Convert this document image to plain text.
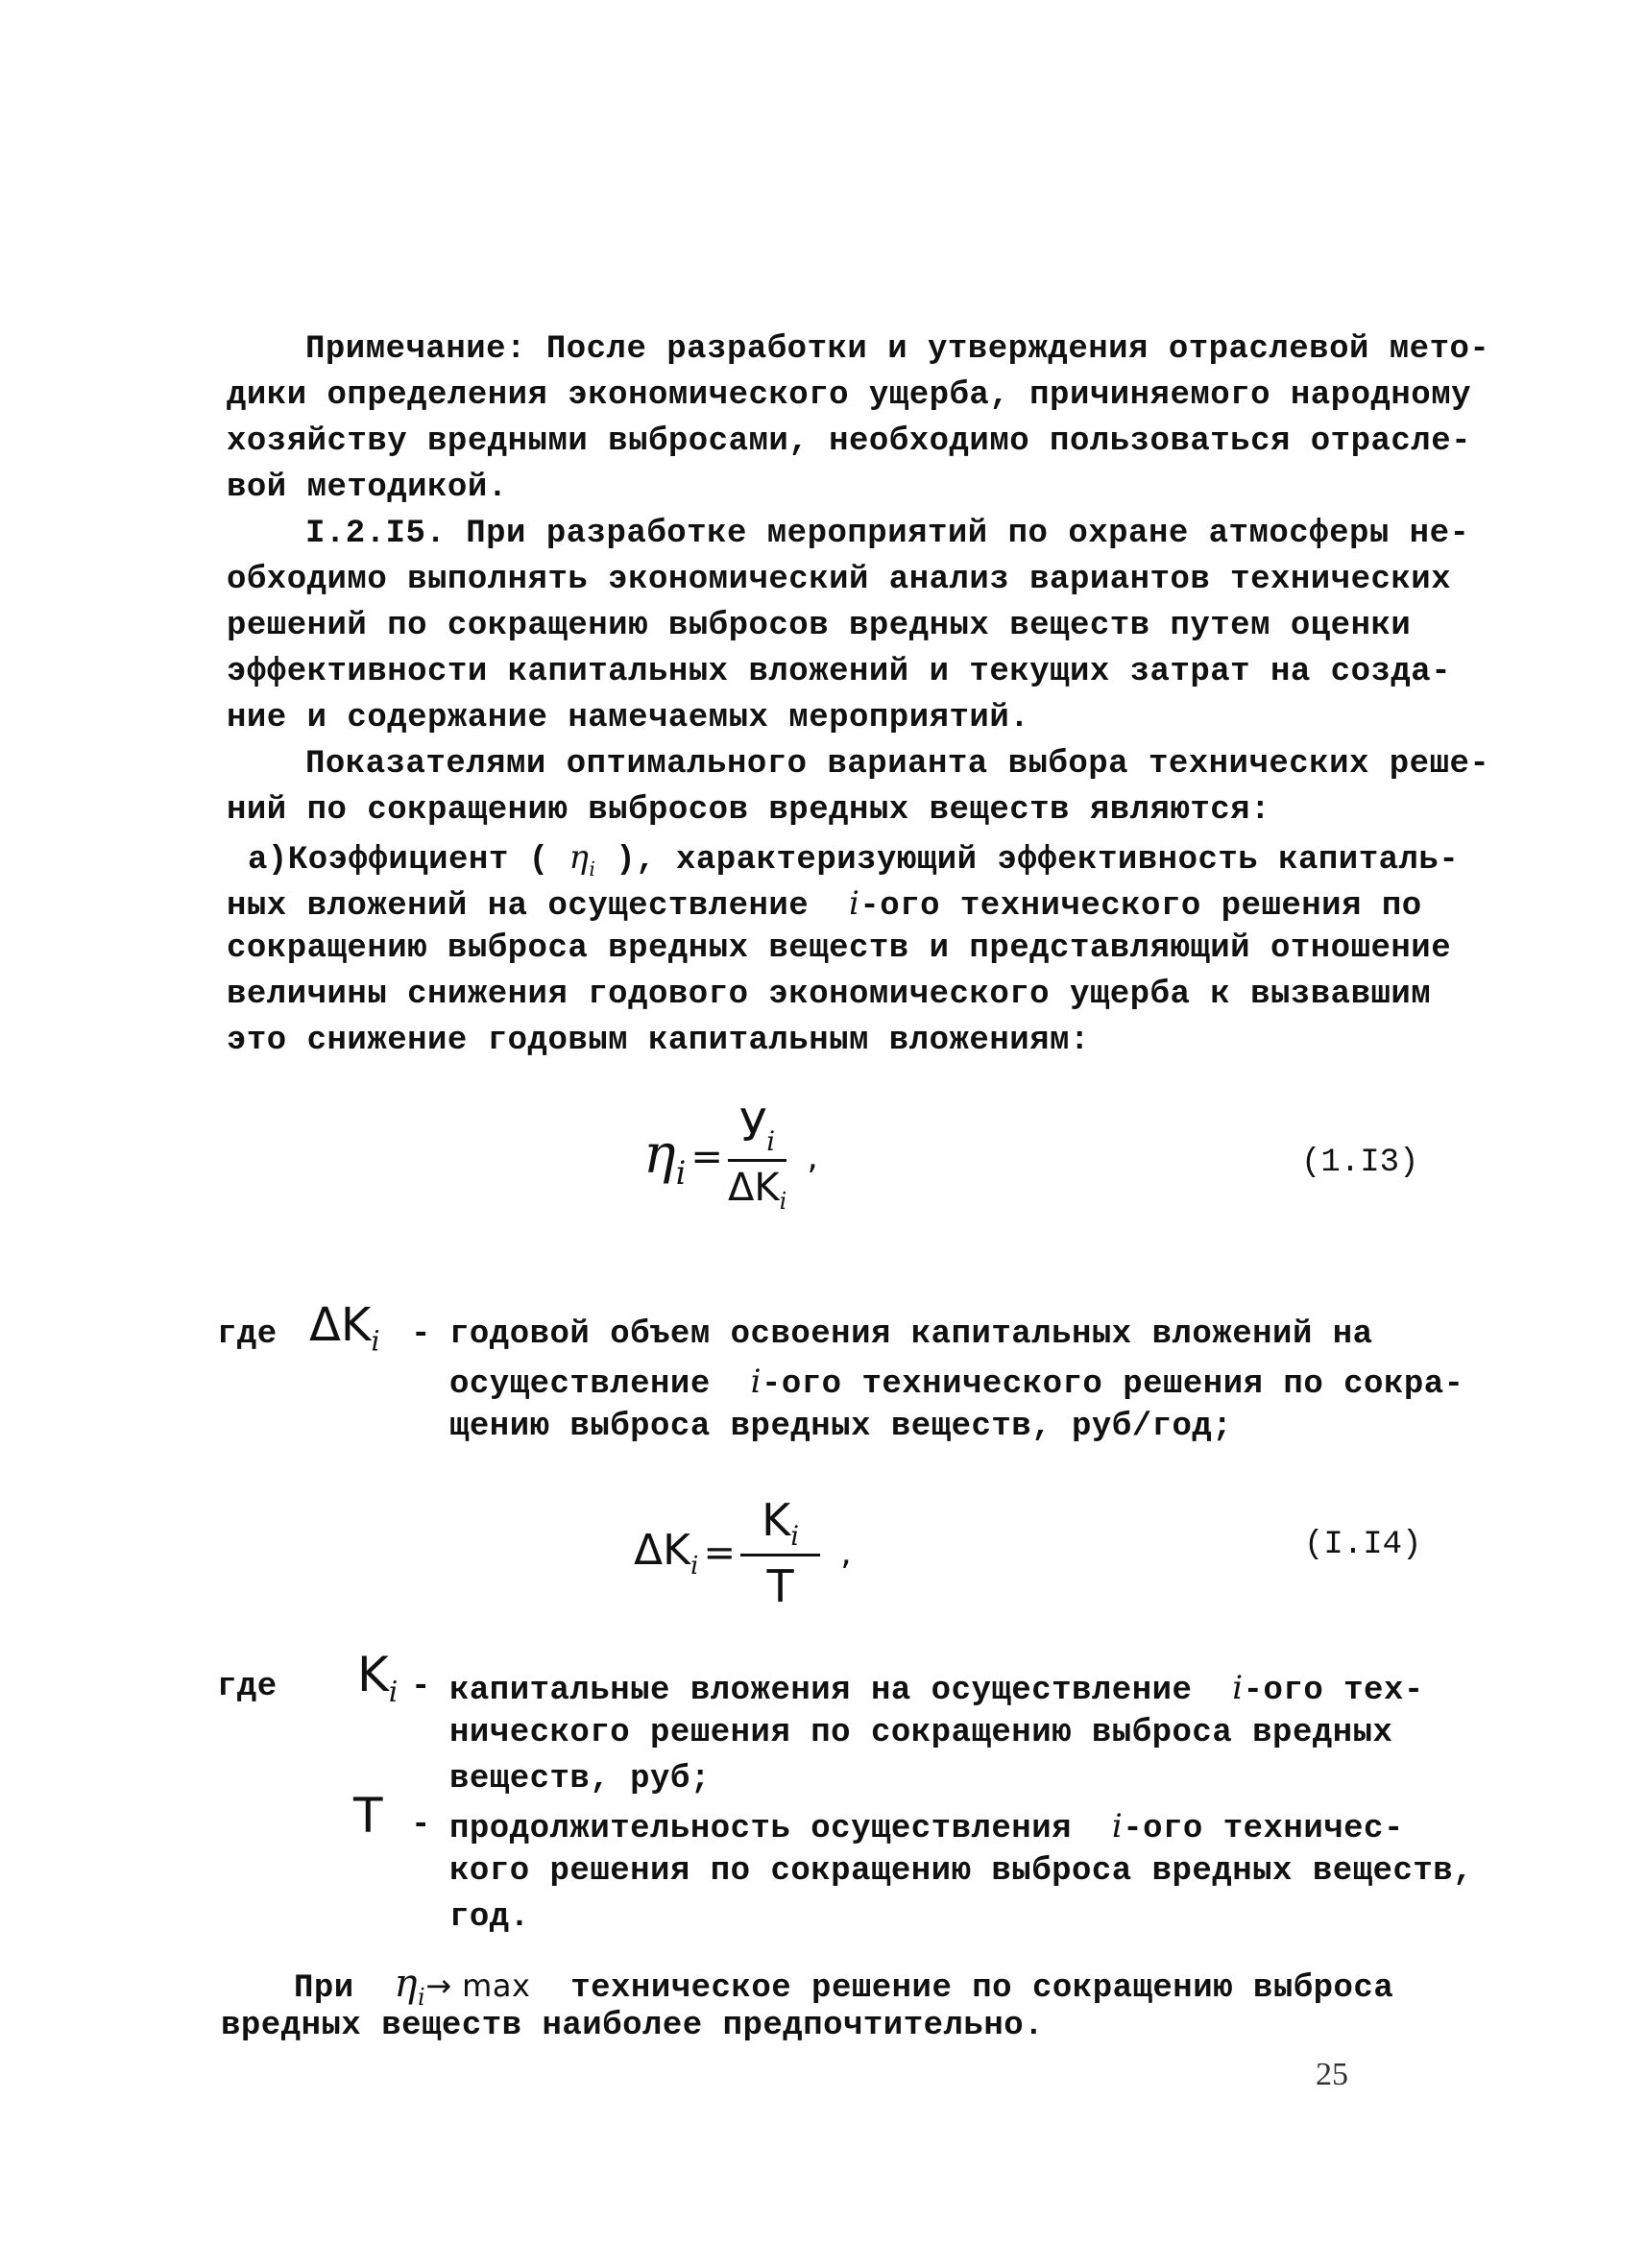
Примечание: После разработки и утверждения отраслевой мето-
дики определения экономического ущерба, причиняемого народному
хозяйству вредными выбросами, необходимо пользоваться отрасле-
вой методикой.
I.2.I5. При разработке мероприятий по охране атмосферы не-
обходимо выполнять экономический анализ вариантов технических
решений по сокращению выбросов вредных веществ путем оценки
эффективности капитальных вложений и текущих затрат на созда-
ние и содержание намечаемых мероприятий.
Показателями оптимального варианта выбора технических реше-
ний по сокращению выбросов вредных веществ являются:
а)Коэффициент ( $\eta_i$ ), характеризующий эффективность капиталь-
ных вложений на осуществление i-ого технического решения по
сокращению выброса вредных веществ и представляющий отношение
величины снижения годового экономического ущерба к вызвавшим
это снижение годовым капитальным вложениям:
$\eta_i = \frac{У_i}{\Delta K_i}$ ,	(1.I3)
где $\Delta K_i$ - годовой объем освоения капитальных вложений на
осуществление i-ого технического решения по сокра-
щению выброса вредных веществ, руб/год;
$\Delta K_i = \frac{K_i}{T}$ ,	(I.I4)
где $K_i$ - капитальные вложения на осуществление i-ого тех-
нического решения по сокращению выброса вредных
веществ, руб;
T - продолжительность осуществления i-ого техничес-
кого решения по сокращению выброса вредных веществ,
год.
При $\eta_i\to \max$ техническое решение по сокращению выброса
вредных веществ наиболее предпочтительно.
25
